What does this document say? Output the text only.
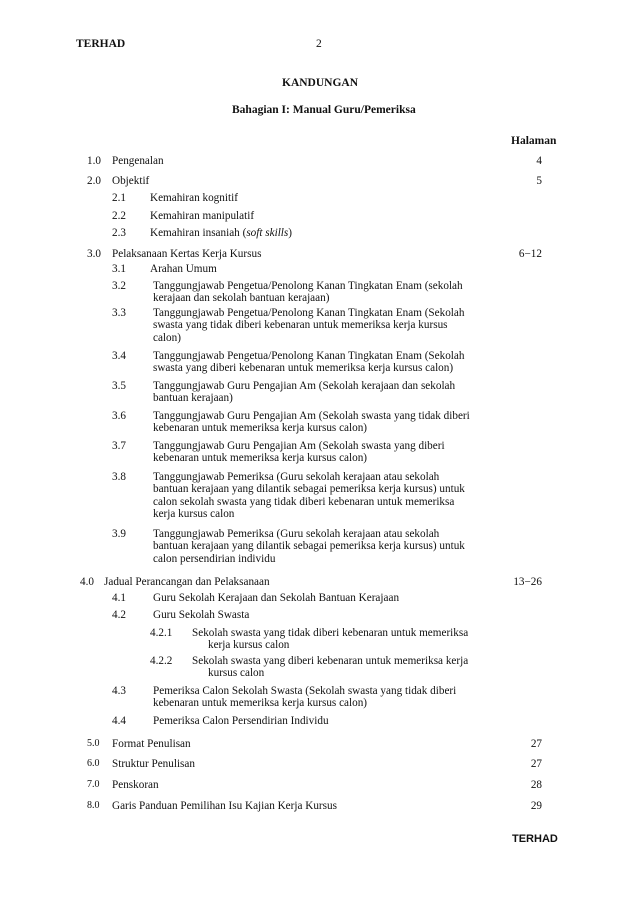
TERHAD	2
KANDUNGAN
Bahagian I: Manual Guru/Pemeriksa
Halaman
1.0 Pengenalan	4
2.0 Objektif	5
2.1 Kemahiran kognitif
2.2 Kemahiran manipulatif
2.3 Kemahiran insaniah (soft skills)
3.0 Pelaksanaan Kertas Kerja Kursus	6−12
3.1 Arahan Umum
3.2 Tanggungjawab Pengetua/Penolong Kanan Tingkatan Enam (sekolah
kerajaan dan sekolah bantuan kerajaan)
3.3 Tanggungjawab Pengetua/Penolong Kanan Tingkatan Enam (Sekolah
swasta yang tidak diberi kebenaran untuk memeriksa kerja kursus
calon)
3.4 Tanggungjawab Pengetua/Penolong Kanan Tingkatan Enam (Sekolah
swasta yang diberi kebenaran untuk memeriksa kerja kursus calon)
3.5 Tanggungjawab Guru Pengajian Am (Sekolah kerajaan dan sekolah
bantuan kerajaan)
3.6 Tanggungjawab Guru Pengajian Am (Sekolah swasta yang tidak diberi
kebenaran untuk memeriksa kerja kursus calon)
3.7 Tanggungjawab Guru Pengajian Am (Sekolah swasta yang diberi
kebenaran untuk memeriksa kerja kursus calon)
3.8 Tanggungjawab Pemeriksa (Guru sekolah kerajaan atau sekolah
bantuan kerajaan yang dilantik sebagai pemeriksa kerja kursus) untuk
calon sekolah swasta yang tidak diberi kebenaran untuk memeriksa
kerja kursus calon
3.9 Tanggungjawab Pemeriksa (Guru sekolah kerajaan atau sekolah
bantuan kerajaan yang dilantik sebagai pemeriksa kerja kursus) untuk
calon persendirian individu
4.0 Jadual Perancangan dan Pelaksanaan	13−26
4.1 Guru Sekolah Kerajaan dan Sekolah Bantuan Kerajaan
4.2 Guru Sekolah Swasta
4.2.1 Sekolah swasta yang tidak diberi kebenaran untuk memeriksa
kerja kursus calon
4.2.2 Sekolah swasta yang diberi kebenaran untuk memeriksa kerja
kursus calon
4.3 Pemeriksa Calon Sekolah Swasta (Sekolah swasta yang tidak diberi
kebenaran untuk memeriksa kerja kursus calon)
4.4 Pemeriksa Calon Persendirian Individu
5.0 Format Penulisan	27
6.0 Struktur Penulisan	27
7.0 Penskoran	28
8.0 Garis Panduan Pemilihan Isu Kajian Kerja Kursus	29
TERHAD
